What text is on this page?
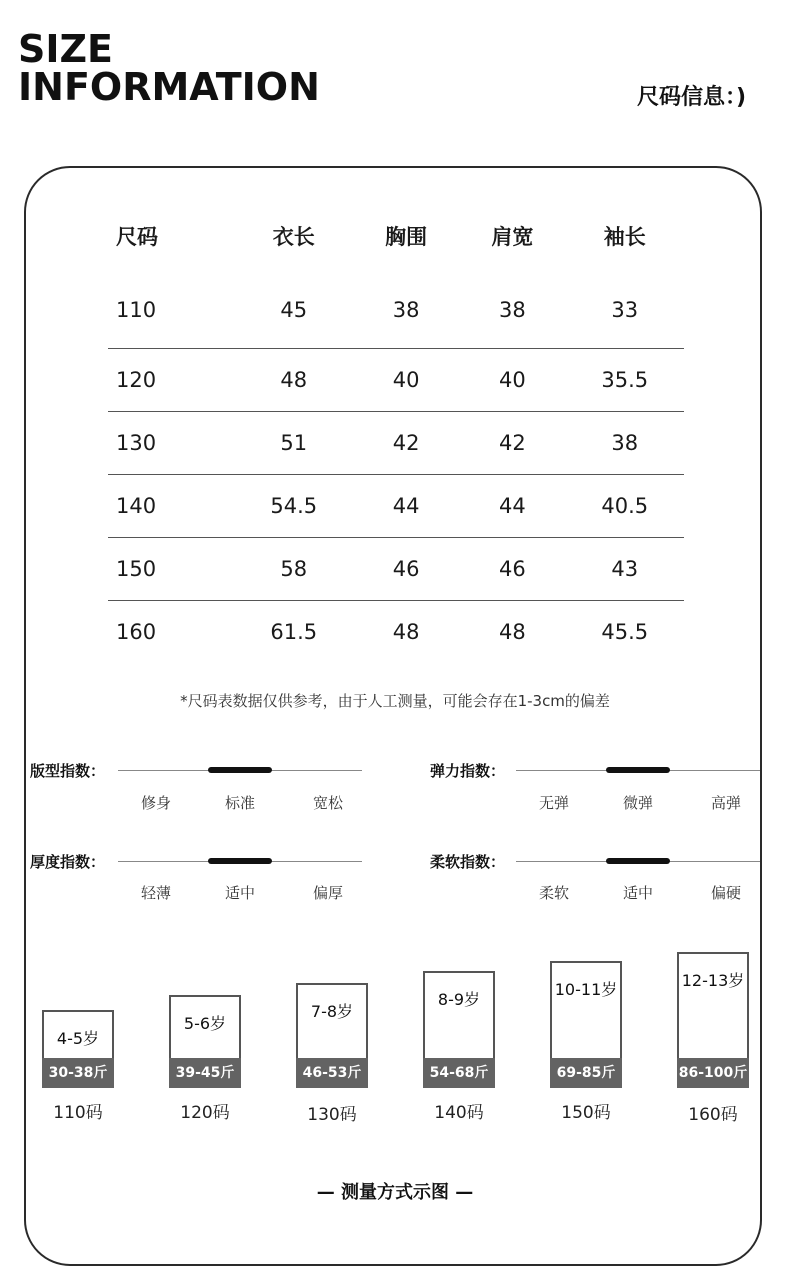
SIZE
INFORMATION	尺码信息：)
尺码	衣长	胸围	肩宽	袖长
110	45	38	38	33
120	48	40	40	35.5
130	51	42	42	38
140	54.5	44	44	40.5
150	58	46	46	43
160	61.5	48	48	45.5
*尺码表数据仅供参考，由于人工测量，可能会存在1-3cm的偏差
版型指数：
修身	标准	宽松
弹力指数：
无弹	微弹	高弹
厚度指数：
轻薄	适中	偏厚
柔软指数：
柔软	适中	偏硬
4-5岁
30-38斤
110码
5-6岁
39-45斤
120码
7-8岁
46-53斤
130码
8-9岁
54-68斤
140码
10-11岁
69-85斤
150码
12-13岁
86-100斤
160码
— 测量方式示图 —
